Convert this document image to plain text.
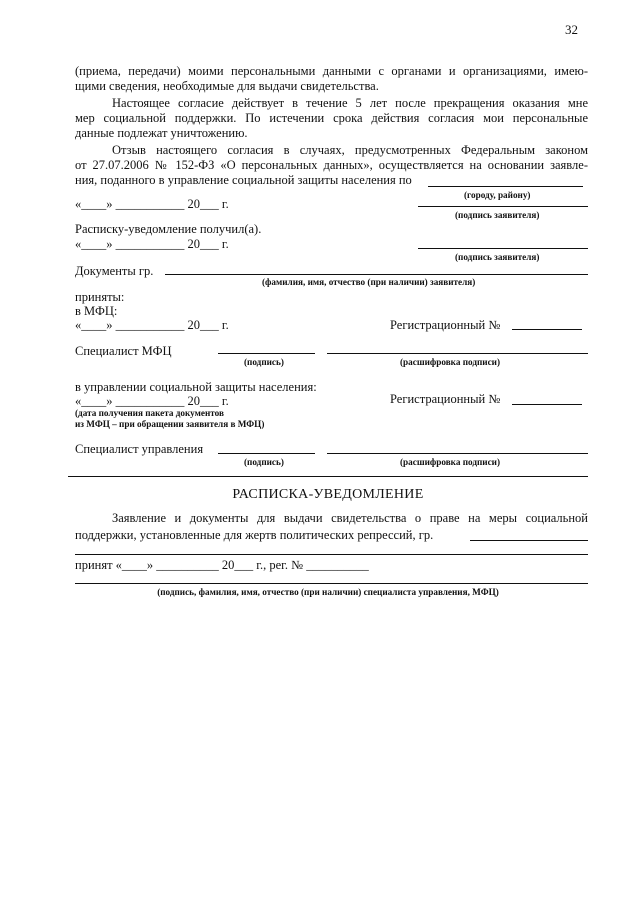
32
(приема, передачи) моими персональными данными с органами и организациями, имею-
щими сведения, необходимые для выдачи свидетельства.
Настоящее согласие действует в течение 5 лет после прекращения оказания мне
мер социальной поддержки. По истечении срока действия согласия мои персональные
данные подлежат уничтожению.
Отзыв настоящего согласия в случаях, предусмотренных Федеральным законом
от 27.07.2006 № 152-ФЗ «О персональных данных», осуществляется на основании заявле-
ния, поданного в управление социальной защиты населения по
(городу, району)
«____» ___________ 20___ г.
(подпись заявителя)
Расписку-уведомление получил(а).
«____» ___________ 20___ г.
(подпись заявителя)
Документы гр.
(фамилия, имя, отчество (при наличии) заявителя)
приняты:
в МФЦ:
«____» ___________ 20___ г.	Регистрационный №
Специалист МФЦ
(подпись)	(расшифровка подписи)
в управлении социальной защиты населения:
«____» ___________ 20___ г.	Регистрационный №
(дата получения пакета документов
из МФЦ – при обращении заявителя в МФЦ)
Специалист управления
(подпись)	(расшифровка подписи)
РАСПИСКА-УВЕДОМЛЕНИЕ
Заявление и документы для выдачи свидетельства о праве на меры социальной
поддержки, установленные для жертв политических репрессий, гр.
принят «____» __________ 20___ г., рег. № __________
(подпись, фамилия, имя, отчество (при наличии) специалиста управления, МФЦ)
